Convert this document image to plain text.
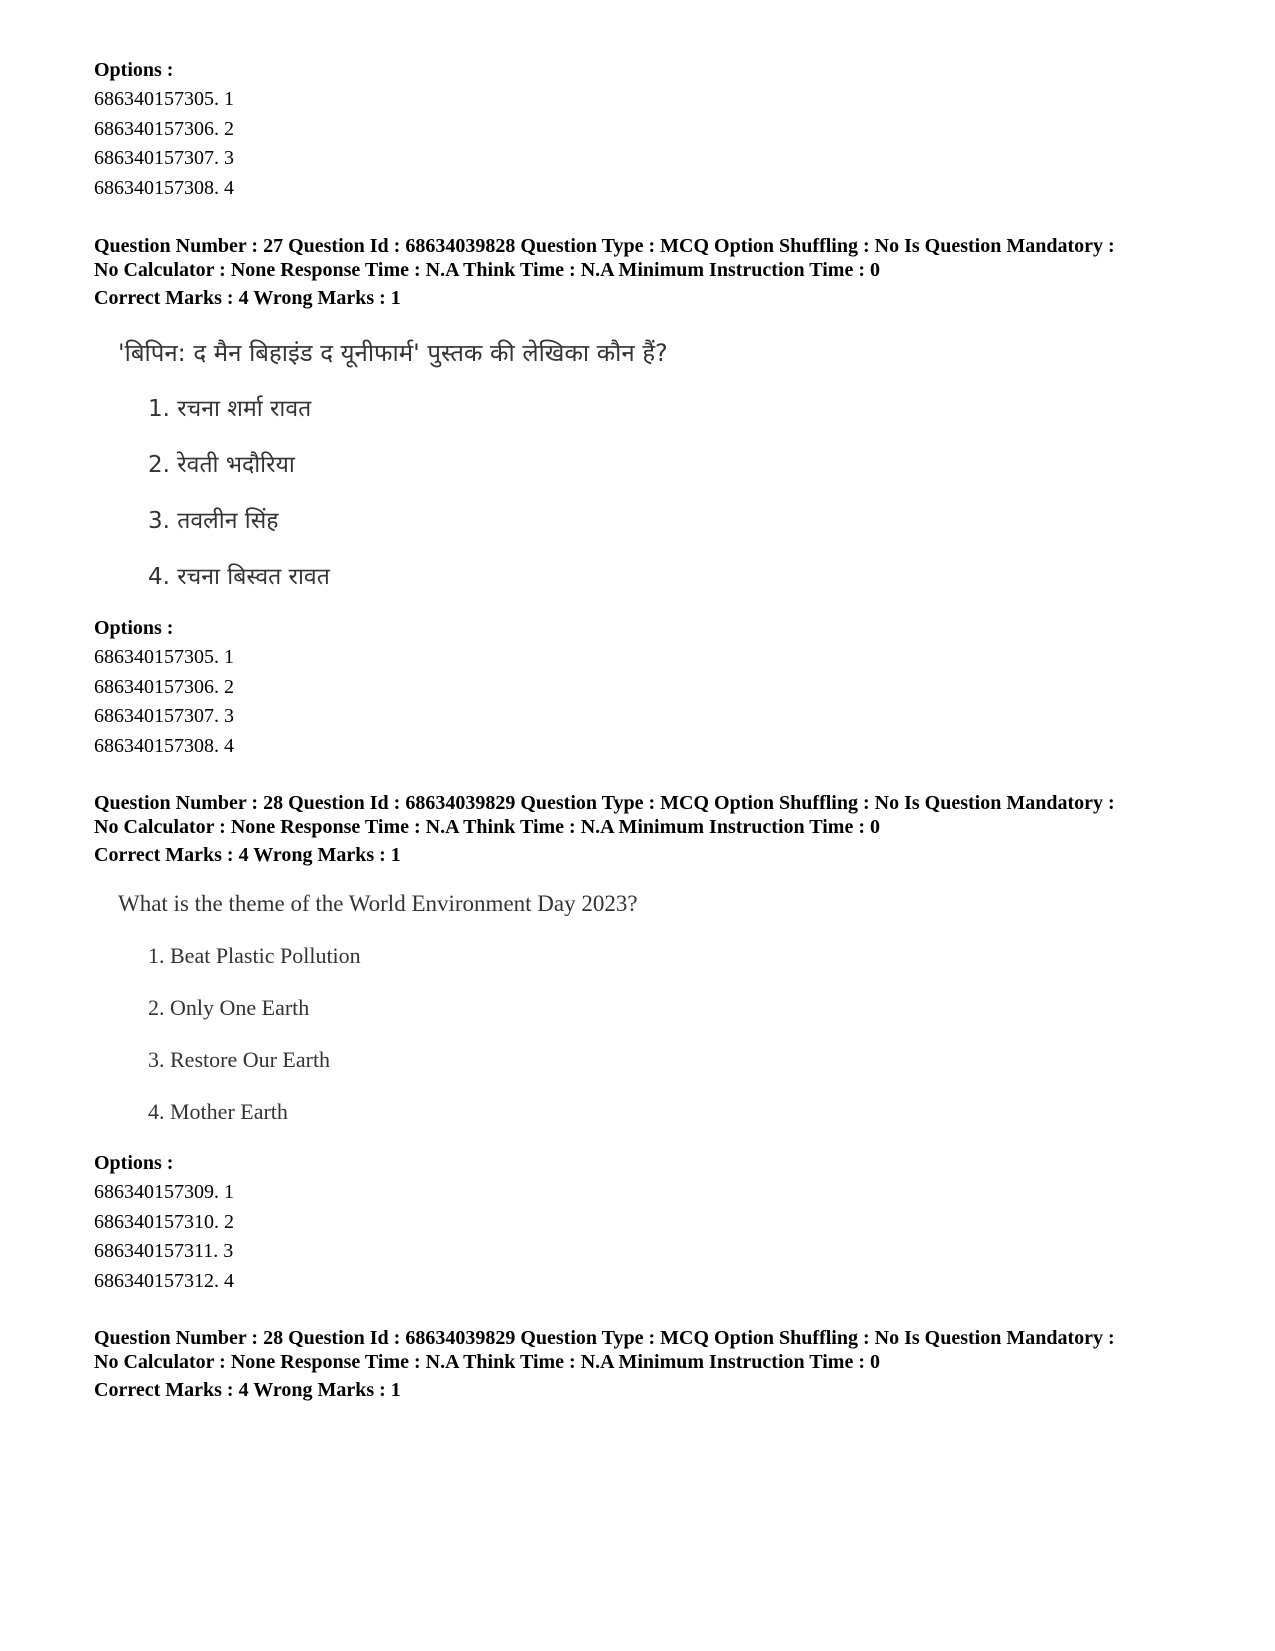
Options :
686340157305. 1
686340157306. 2
686340157307. 3
686340157308. 4
Question Number : 27 Question Id : 68634039828 Question Type : MCQ Option Shuffling : No Is Question Mandatory :
No Calculator : None Response Time : N.A Think Time : N.A Minimum Instruction Time : 0
Correct Marks : 4 Wrong Marks : 1
'बिपिन: द मैन बिहाइंड द यूनीफार्म' पुस्तक की लेखिका कौन हैं?
1. रचना शर्मा रावत
2. रेवती भदौरिया
3. तवलीन सिंह
4. रचना बिस्वत रावत
Options :
686340157305. 1
686340157306. 2
686340157307. 3
686340157308. 4
Question Number : 28 Question Id : 68634039829 Question Type : MCQ Option Shuffling : No Is Question Mandatory :
No Calculator : None Response Time : N.A Think Time : N.A Minimum Instruction Time : 0
Correct Marks : 4 Wrong Marks : 1
What is the theme of the World Environment Day 2023?
1. Beat Plastic Pollution
2. Only One Earth
3. Restore Our Earth
4. Mother Earth
Options :
686340157309. 1
686340157310. 2
686340157311. 3
686340157312. 4
Question Number : 28 Question Id : 68634039829 Question Type : MCQ Option Shuffling : No Is Question Mandatory :
No Calculator : None Response Time : N.A Think Time : N.A Minimum Instruction Time : 0
Correct Marks : 4 Wrong Marks : 1
